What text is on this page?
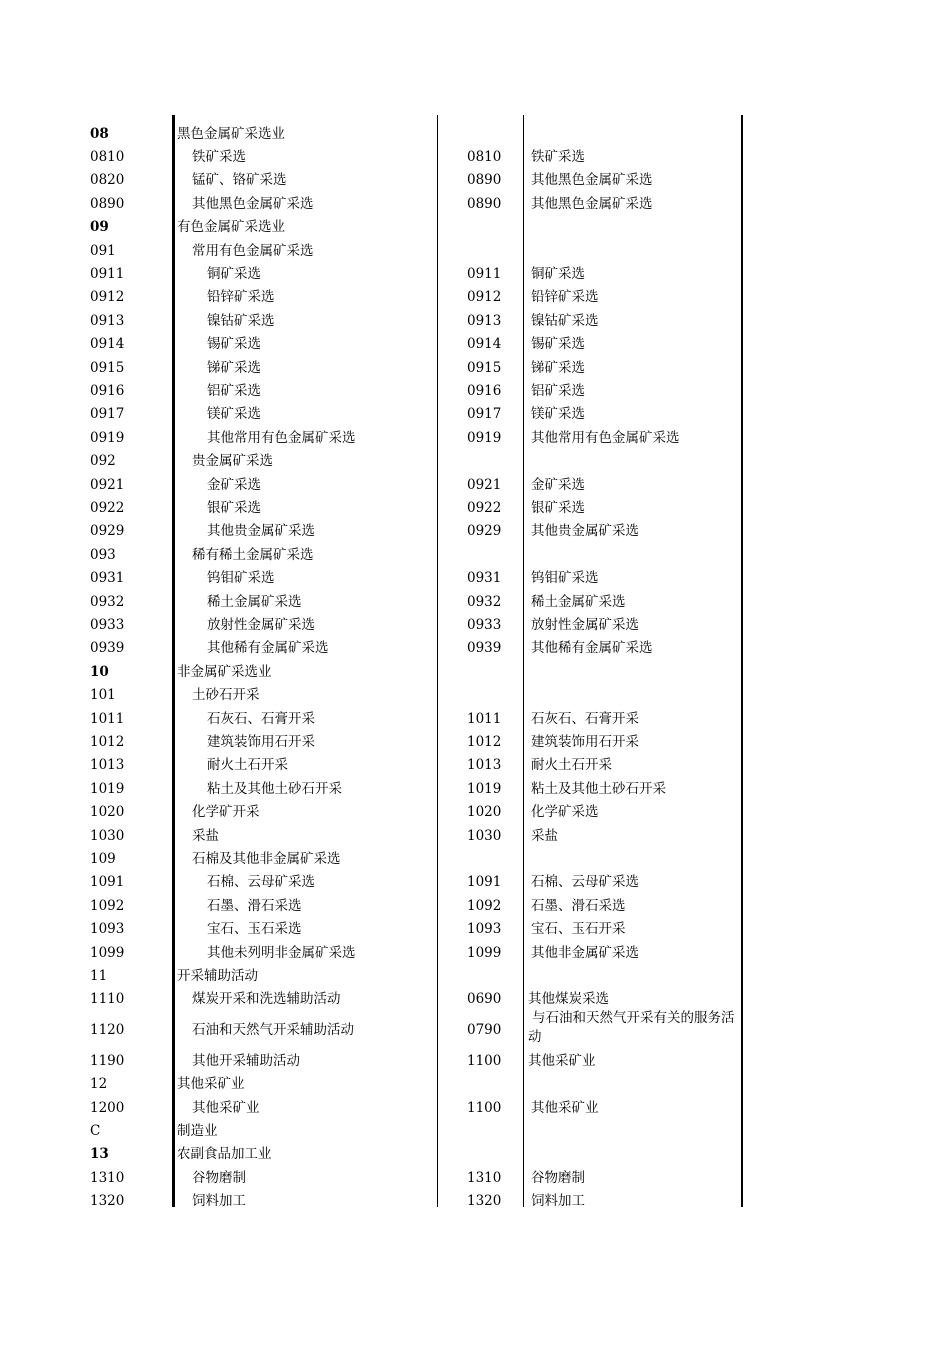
08	黑色金属矿采选业
0810	铁矿采选	0810 铁矿采选
0820	锰矿、铬矿采选	0890 其他黑色金属矿采选
0890	其他黑色金属矿采选	0890 其他黑色金属矿采选
09	有色金属矿采选业
091	常用有色金属矿采选
0911	铜矿采选	0911 铜矿采选
0912	铅锌矿采选	0912 铅锌矿采选
0913	镍钴矿采选	0913 镍钴矿采选
0914	锡矿采选	0914 锡矿采选
0915	锑矿采选	0915 锑矿采选
0916	铝矿采选	0916 铝矿采选
0917	镁矿采选	0917 镁矿采选
0919	其他常用有色金属矿采选	0919 其他常用有色金属矿采选
092	贵金属矿采选
0921	金矿采选	0921 金矿采选
0922	银矿采选	0922 银矿采选
0929	其他贵金属矿采选	0929 其他贵金属矿采选
093	稀有稀土金属矿采选
0931	钨钼矿采选	0931 钨钼矿采选
0932	稀土金属矿采选	0932 稀土金属矿采选
0933	放射性金属矿采选	0933 放射性金属矿采选
0939	其他稀有金属矿采选	0939 其他稀有金属矿采选
10	非金属矿采选业
101	土砂石开采
1011	石灰石、石膏开采	1011 石灰石、石膏开采
1012	建筑装饰用石开采	1012 建筑装饰用石开采
1013	耐火土石开采	1013 耐火土石开采
1019	粘土及其他土砂石开采	1019 粘土及其他土砂石开采
1020	化学矿开采	1020 化学矿采选
1030	采盐	1030 采盐
109	石棉及其他非金属矿采选
1091	石棉、云母矿采选	1091 石棉、云母矿采选
1092	石墨、滑石采选	1092 石墨、滑石采选
1093	宝石、玉石采选	1093 宝石、玉石开采
1099	其他未列明非金属矿采选	1099 其他非金属矿采选
11	开采辅助活动
1110	煤炭开采和洗选辅助活动	0690 其他煤炭采选
1120	石油和天然气开采辅助活动	0790
与石油和天然气开采有关的服务活动
1190	其他开采辅助活动	1100 其他采矿业
12	其他采矿业
1200	其他采矿业	1100 其他采矿业
C	制造业
13	农副食品加工业
1310	谷物磨制	1310 谷物磨制
1320	饲料加工	1320 饲料加工
